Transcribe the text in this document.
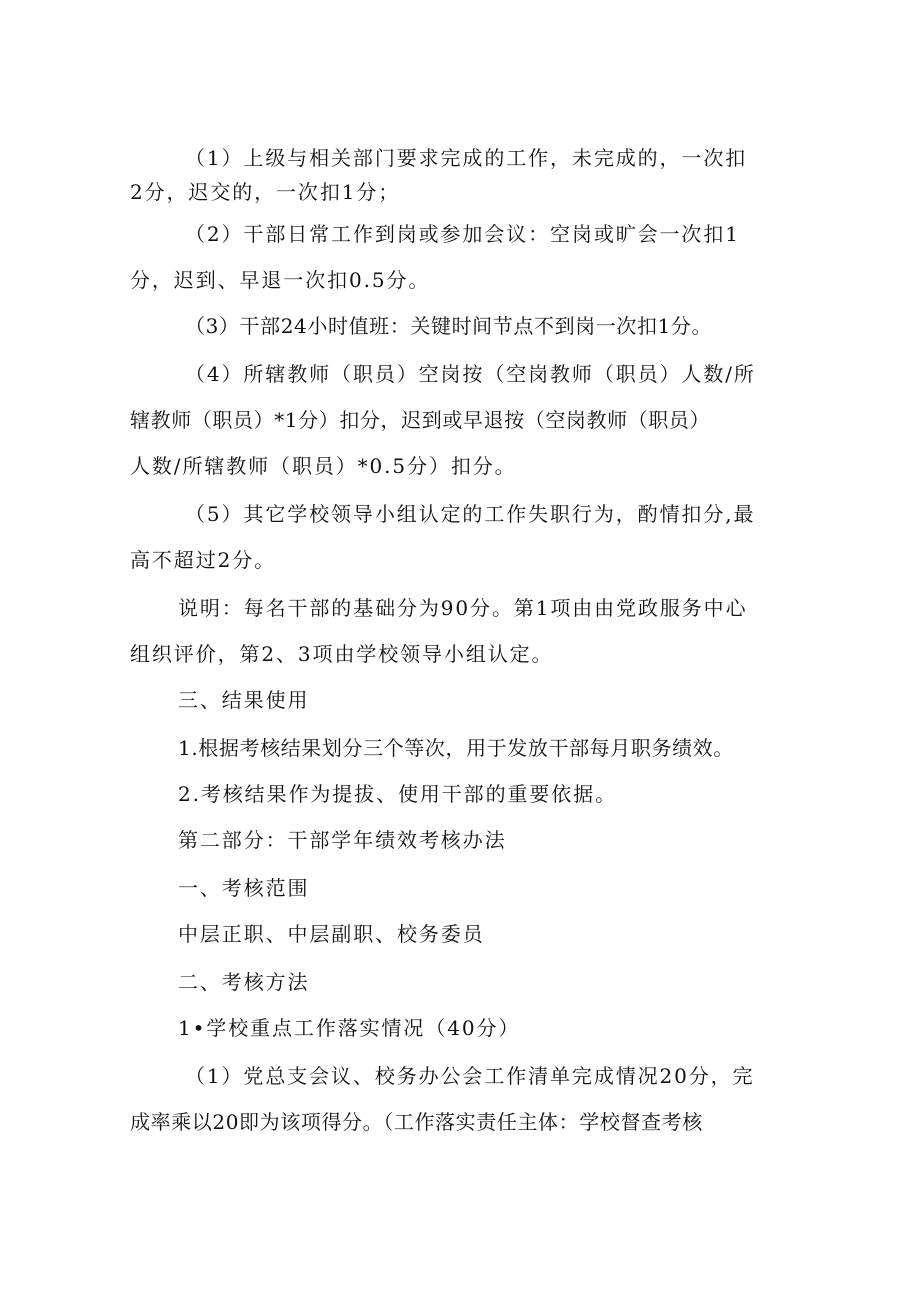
（1）上级与相关部门要求完成的工作，未完成的，一次扣
2分，迟交的，一次扣1分；
（2）干部日常工作到岗或参加会议：空岗或旷会一次扣1
分，迟到、早退一次扣0.5分。
（3）干部24小时值班：关键时间节点不到岗一次扣1分。
（4）所辖教师（职员）空岗按（空岗教师（职员）人数/所
辖教师（职员）*1分）扣分，迟到或早退按（空岗教师（职员）
人数/所辖教师（职员）*0.5分）扣分。
（5）其它学校领导小组认定的工作失职行为，酌情扣分,最
高不超过2分。
说明：每名干部的基础分为90分。第1项由由党政服务中心
组织评价，第2、3项由学校领导小组认定。
三、结果使用
1.根据考核结果划分三个等次，用于发放干部每月职务绩效。
2.考核结果作为提拔、使用干部的重要依据。
第二部分：干部学年绩效考核办法
一、考核范围
中层正职、中层副职、校务委员
二、考核方法
1•学校重点工作落实情况（40分）
（1）党总支会议、校务办公会工作清单完成情况20分，完
成率乘以20即为该项得分。（工作落实责任主体：学校督查考核
